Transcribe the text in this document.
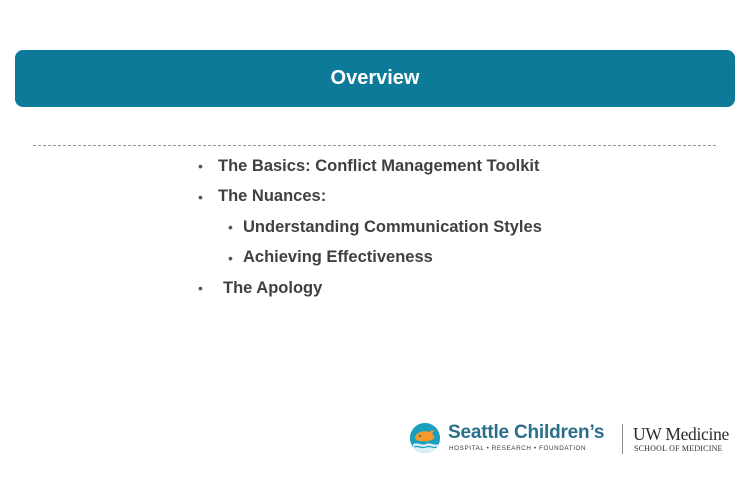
Overview
• The Basics: Conflict Management Toolkit
• The Nuances:
• Understanding Communication Styles
• Achieving Effectiveness
•	The Apology
Seattle Children’s
HOSPITAL • RESEARCH • FOUNDATION
UW Medicine
SCHOOL OF MEDICINE
